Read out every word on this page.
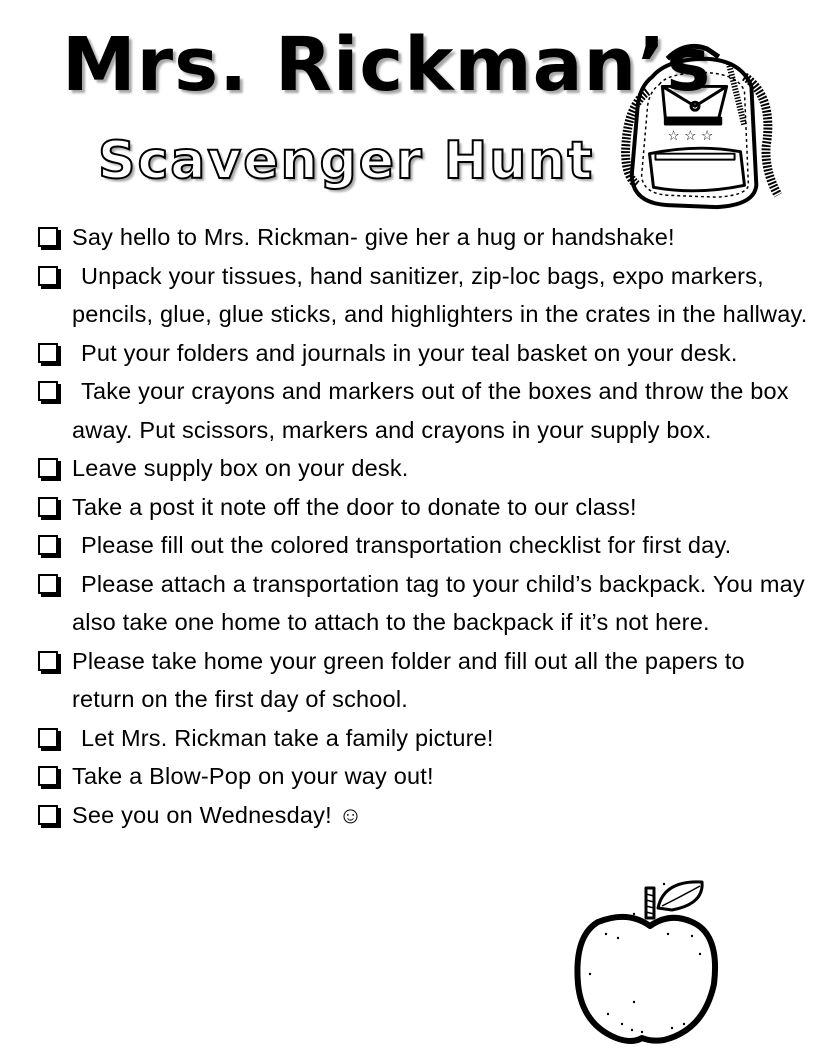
Mrs. Rickman’s
Scavenger Hunt	☆ ☆ ☆
Say hello to Mrs. Rickman- give her a hug or handshake!
Unpack your tissues, hand sanitizer, zip-loc bags, expo markers, pencils, glue, glue sticks, and highlighters in the crates in the hallway.
Put your folders and journals in your teal basket on your desk.
Take your crayons and markers out of the boxes and throw the box away. Put scissors, markers and crayons in your supply box.
Leave supply box on your desk.
Take a post it note off the door to donate to our class!
Please fill out the colored transportation checklist for first day.
Please attach a transportation tag to your child’s backpack. You may also take one home to attach to the backpack if it’s not here.
Please take home your green folder and fill out all the papers to return on the first day of school.
Let Mrs. Rickman take a family picture!
Take a Blow-Pop on your way out!
See you on Wednesday! ☺
